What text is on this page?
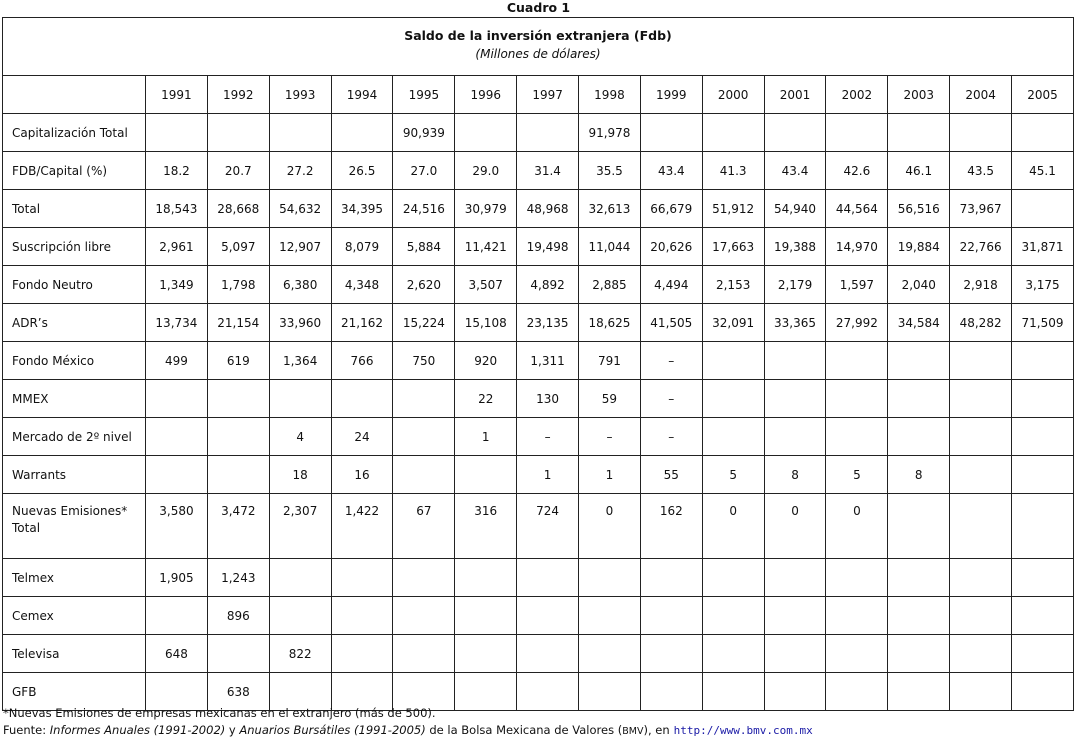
Cuadro 1
Saldo de la inversión extranjera (Fdb)
(Millones de dólares)															

	1991	1992	1993	1994	1995	1996	1997	1998	1999	2000	2001	2002	2003	2004	2005
Capitalización Total					90,939			91,978							
FDB/Capital (%)	18.2	20.7	27.2	26.5	27.0	29.0	31.4	35.5	43.4	41.3	43.4	42.6	46.1	43.5	45.1
Total	18,543	28,668	54,632	34,395	24,516	30,979	48,968	32,613	66,679	51,912	54,940	44,564	56,516	73,967	
Suscripción libre	2,961	5,097	12,907	8,079	5,884	11,421	19,498	11,044	20,626	17,663	19,388	14,970	19,884	22,766	31,871
Fondo Neutro	1,349	1,798	6,380	4,348	2,620	3,507	4,892	2,885	4,494	2,153	2,179	1,597	2,040	2,918	3,175
ADR’s	13,734	21,154	33,960	21,162	15,224	15,108	23,135	18,625	41,505	32,091	33,365	27,992	34,584	48,282	71,509
Fondo México	499	619	1,364	766	750	920	1,311	791	–						
MMEX						22	130	59	–						
Mercado de 2º nivel			4	24		1	–	–	–						
Warrants			18	16			1	1	55	5	8	5	8		
Nuevas Emisiones* Total	3,580	3,472	2,307	1,422	67	316	724	0	162	0	0	0			
Telmex	1,905	1,243													
Cemex		896													
Televisa	648		822												
GFB		638													
*Nuevas Emisiones de empresas mexicanas en el extranjero (más de 500).
Fuente: Informes Anuales (1991-2002) y Anuarios Bursátiles (1991-2005) de la Bolsa Mexicana de Valores (BMV), en http://www.bmv.com.mx
